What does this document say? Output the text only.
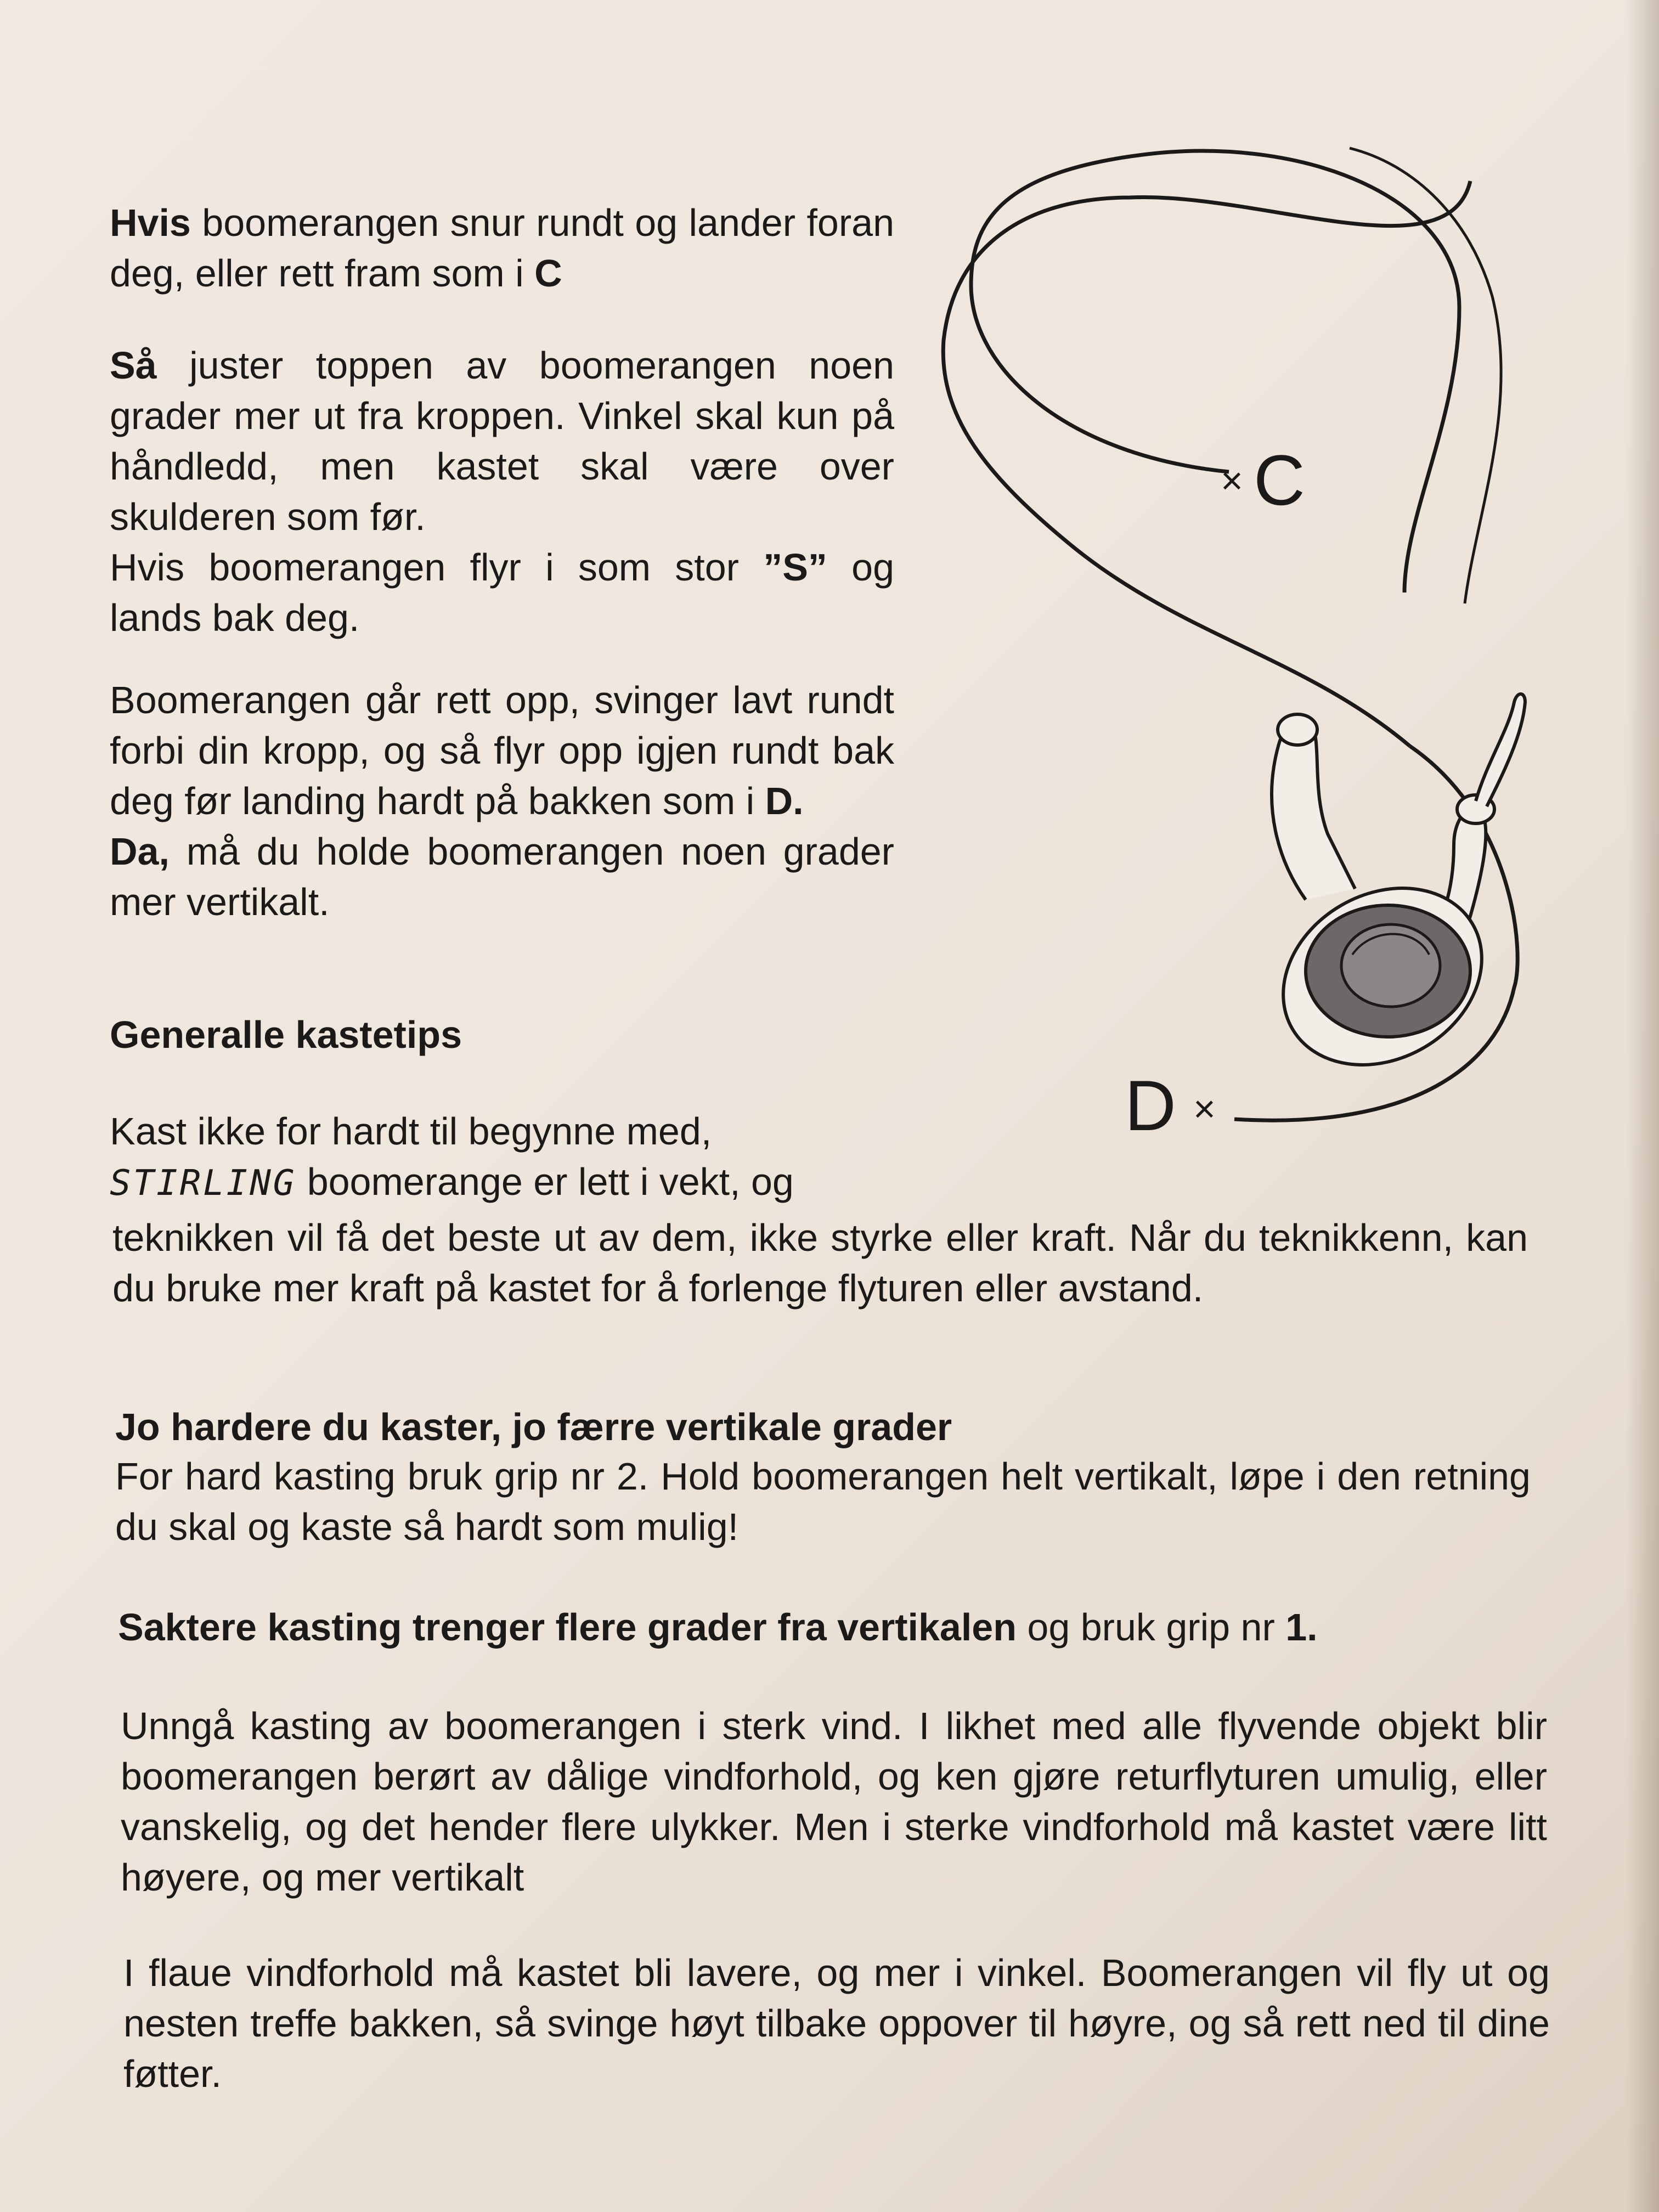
Hvis boomerangen snur rundt og lander foran deg, eller rett fram som i C

Så juster toppen av boomerangen noen grader mer ut fra kroppen. Vinkel skal kun på håndledd, men kastet skal være over skulderen som før.
Hvis boomerangen flyr i som stor ”S” og lands bak deg.

Boomerangen går rett opp, svinger lavt rundt forbi din kropp, og så flyr opp igjen rundt bak deg før landing hardt på bakken som i D.
Da, må du holde boomerangen noen grader mer vertikalt.

Generalle kastetips

Kast ikke for hardt til begynne med,

STIRLING boomerange er lett i vekt, og

teknikken vil få det beste ut av dem, ikke styrke eller kraft. Når du teknikkenn, kan du bruke mer kraft på kastet for å forlenge flyturen eller avstand.

Jo hardere du kaster, jo færre vertikale grader

For hard kasting bruk grip nr 2. Hold boomerangen helt vertikalt, løpe i den retning du skal og kaste så hardt som mulig!

Saktere kasting trenger flere grader fra vertikalen og bruk grip nr 1.

Unngå kasting av boomerangen i sterk vind. I likhet med alle flyvende objekt blir boomerangen berørt av dålige vindforhold, og ken gjøre returflyturen umulig, eller vanskelig, og det hender flere ulykker. Men i sterke vindforhold må kastet være litt høyere, og mer vertikalt

I flaue vindforhold må kastet bli lavere, og mer i vinkel. Boomerangen vil fly ut og nesten treffe bakken, så svinge høyt tilbake oppover til høyre, og så rett ned til dine føtter.

× C
D ×
